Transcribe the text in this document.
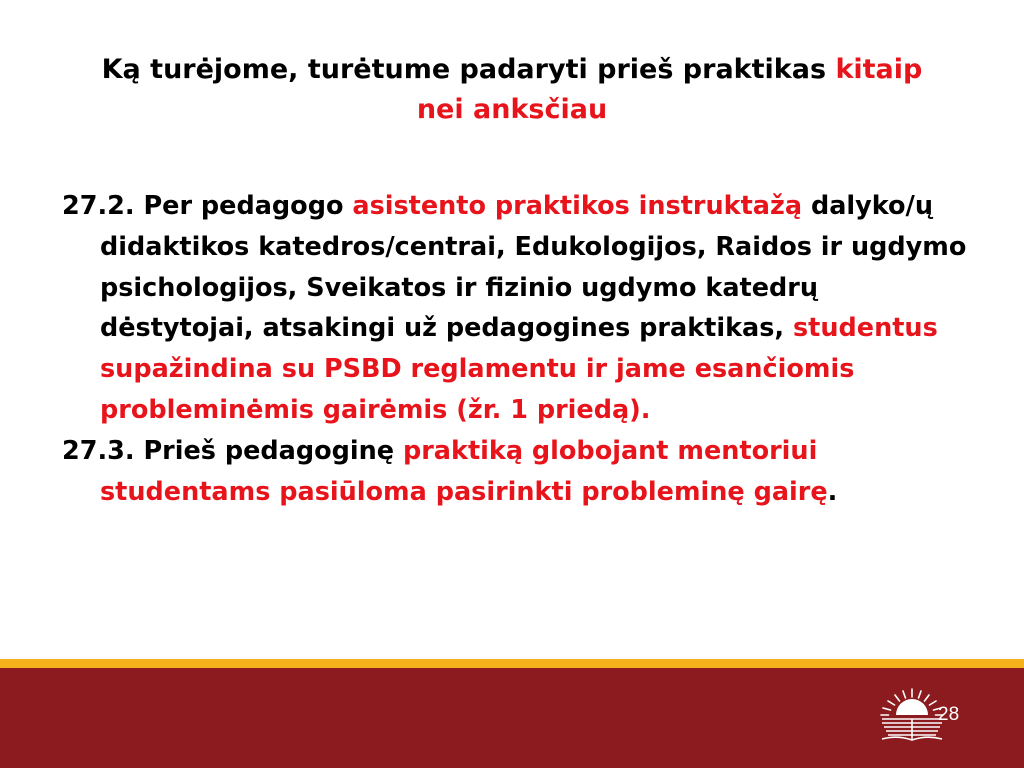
Ką turėjome, turėtume padaryti prieš praktikas kitaip
nei anksčiau

27.2. Per pedagogo asistento praktikos instruktažą dalyko/ų didaktikos katedros/centrai, Edukologijos, Raidos ir ugdymo psichologijos, Sveikatos ir fizinio ugdymo katedrų dėstytojai, atsakingi už pedagogines praktikas, studentus supažindina su PSBD reglamentu ir jame esančiomis probleminėmis gairėmis (žr. 1 priedą).

27.3. Prieš pedagoginę praktiką globojant mentoriui studentams pasiūloma pasirinkti probleminę gairę.

28
